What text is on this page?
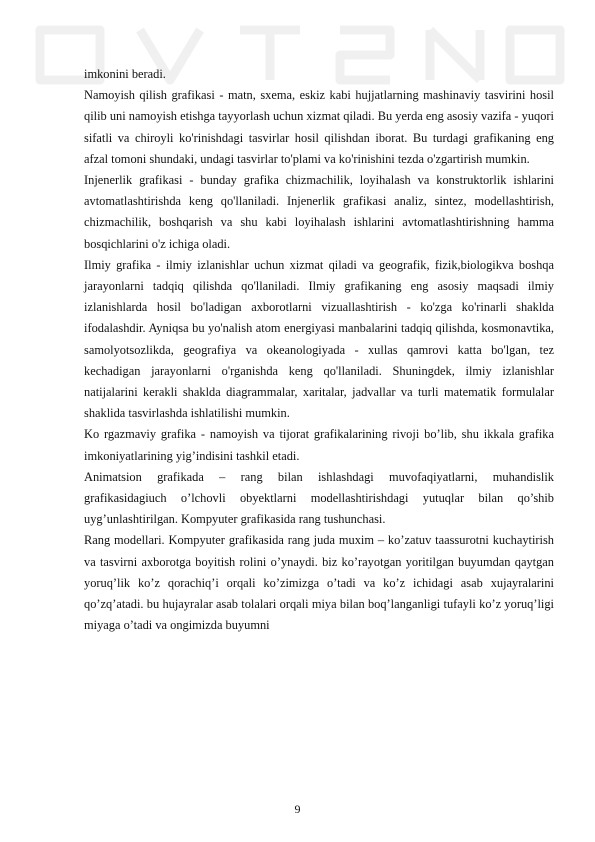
imkonini beradi.

Namoyish qilish grafikasi - matn, sxema, eskiz kabi hujjatlarning mashinaviy tasvirini hosil qilib uni namoyish etishga tayyorlash uchun xizmat qiladi. Bu yerda eng asosiy vazifa - yuqori sifatli va chiroyli ko'rinishdagi tasvirlar hosil qilishdan iborat. Bu turdagi grafikaning eng afzal tomoni shundaki, undagi tasvirlar to'plami va ko'rinishini tezda o'zgartirish mumkin.

Injenerlik grafikasi - bunday grafika chizmachilik, loyihalash va konstruktorlik ishlarini avtomatlashtirishda keng qo'llaniladi. Injenerlik grafikasi analiz, sintez, modellashtirish, chizmachilik, boshqarish va shu kabi loyihalash ishlarini avtomatlashtirishning hamma bosqichlarini o'z ichiga oladi.

Ilmiy grafika - ilmiy izlanishlar uchun xizmat qiladi va geografik, fizik,biologikva boshqa jarayonlarni tadqiq qilishda qo'llaniladi. Ilmiy grafikaning eng asosiy maqsadi ilmiy izlanishlarda hosil bo'ladigan axborotlarni vizuallashtirish - ko'zga ko'rinarli shaklda ifodalashdir. Ayniqsa bu yo'nalish atom energiyasi manbalarini tadqiq qilishda, kosmonavtika, samolyotsozlikda, geografiya va okeanologiyada - xullas qamrovi katta bo'lgan, tez kechadigan jarayonlarni o'rganishda keng qo'llaniladi. Shuningdek, ilmiy izlanishlar natijalarini kerakli shaklda diagrammalar, xaritalar, jadvallar va turli matematik formulalar shaklida tasvirlashda ishlatilishi mumkin.

Ko rgazmaviy grafika - namoyish va tijorat grafikalarining rivoji bo’lib, shu ikkala grafika imkoniyatlarining yig’indisini tashkil etadi.

Animatsion grafikada – rang bilan ishlashdagi muvofaqiyatlarni, muhandislik grafikasidagiuch o’lchovli obyektlarni modellashtirishdagi yutuqlar bilan qo’shib uyg’unlashtirilgan. Kompyuter grafikasida rang tushunchasi.

Rang modellari. Kompyuter grafikasida rang juda muxim – ko’zatuv taassurotni kuchaytirish va tasvirni axborotga boyitish rolini o’ynaydi. biz ko’rayotgan yoritilgan buyumdan qaytgan yoruq’lik ko’z qorachiq’i orqali ko’zimizga o’tadi va ko’z ichidagi asab xujayralarini qo’zq’atadi. bu hujayralar asab tolalari orqali miya bilan boq’langanligi tufayli ko’z yoruq’ligi miyaga o’tadi va ongimizda buyumni

9
